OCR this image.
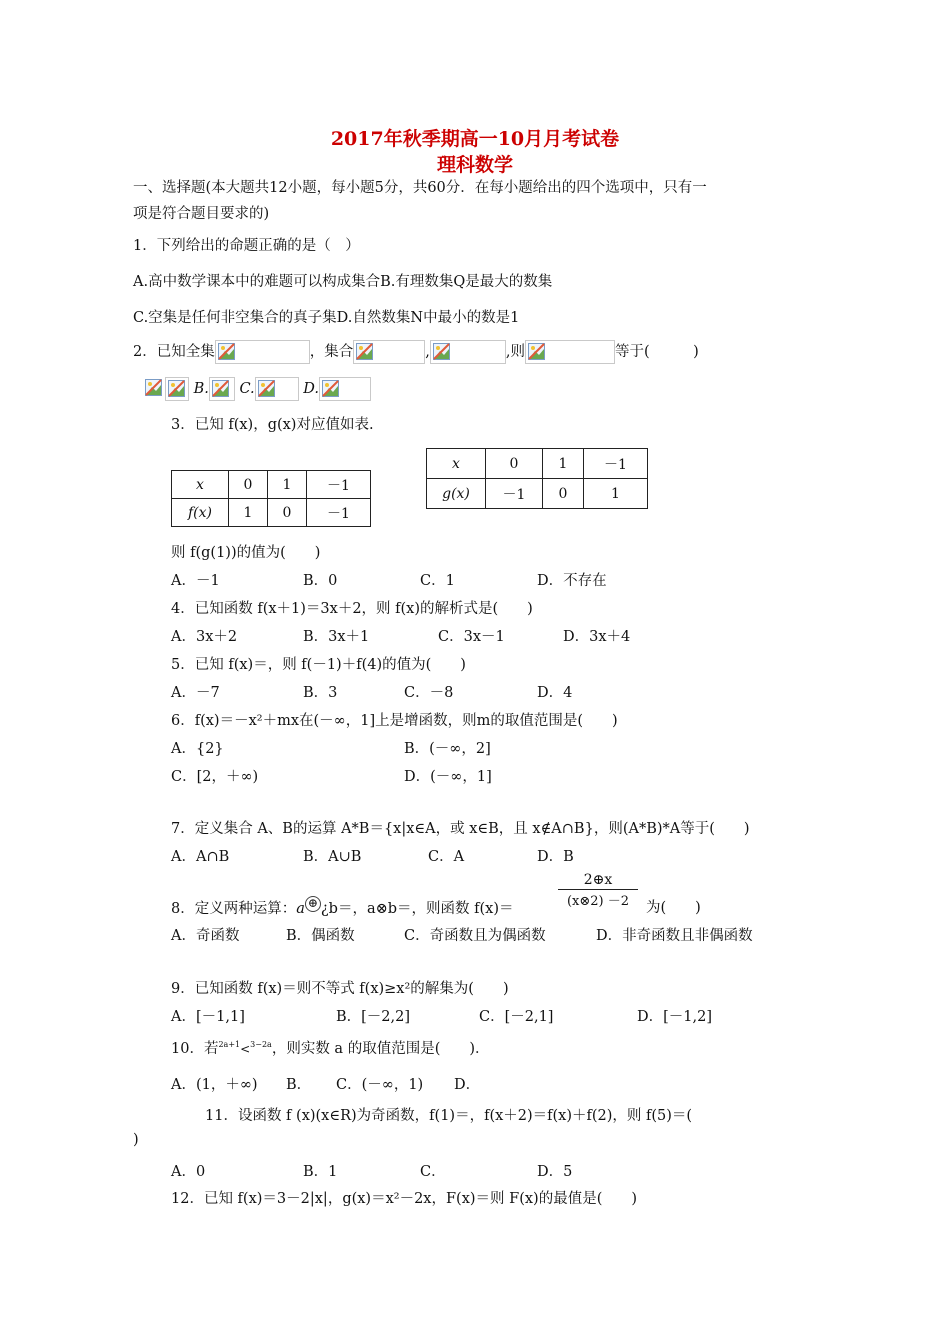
2017年秋季期高一10月月考试卷
理科数学
一、选择题(本大题共12小题，每小题5分，共60分．在每小题给出的四个选项中，只有一
项是符合题目要求的)
1．下列给出的命题正确的是（　）
A.高中数学课本中的难题可以构成集合B.有理数集Q是最大的数集
C.空集是任何非空集合的真子集D.自然数集N中最小的数是1
2．已知全集	，集合	,	,则	等于(　　　)
B. C.	D.
3．已知 f(x)，g(x)对应值如表.
x	0	1	－1
f(x)	1	0	－1
x	0	1	－1
g(x)	－1	0	1
则 f(g(1))的值为(　　)
A．－1	B．0	C．1	D．不存在
4．已知函数 f(x＋1)＝3x＋2，则 f(x)的解析式是(　　)
A．3x＋2	B．3x＋1	C．3x－1	D．3x＋4
5．已知 f(x)＝，则 f(－1)＋f(4)的值为(　　)
A．－7	B．3	C．－8	D．4
6．f(x)＝－x²＋mx在(－∞，1]上是增函数，则m的取值范围是(　　)
A．{2}	B．(－∞，2]
C．[2，＋∞)	D．(－∞，1]
7．定义集合 A、B的运算 A*B＝{x|x∈A，或 x∈B，且 x∉A∩B}，则(A*B)*A等于(　　)
A．A∩B	B．A∪B	C．A	D．B
8．定义两种运算：a ⊕ ¿b＝，a⊗b＝，则函数 f(x)＝	$\frac{2\oplus x}{(x\otimes 2) -2}$ 为(　　)
A．奇函数	B．偶函数	C．奇函数且为偶函数	D．非奇函数且非偶函数
9．已知函数 f(x)＝则不等式 f(x)≥x²的解集为(　　)
A．[－1,1]	B．[－2,2]	C．[－2,1]	D．[－1,2]
10．若$^{2a+1}$<$^{3-2a}$，则实数 a 的取值范围是(　　)．
A．(1，＋∞) B． C．(－∞，1) D．
11．设函数 f (x)(x∈R)为奇函数，f(1)＝，f(x＋2)＝f(x)＋f(2)，则 f(5)＝(
)
A．0	B．1	C．	D．5
12．已知 f(x)＝3－2|x|，g(x)＝x²－2x，F(x)＝则 F(x)的最值是(　　)
